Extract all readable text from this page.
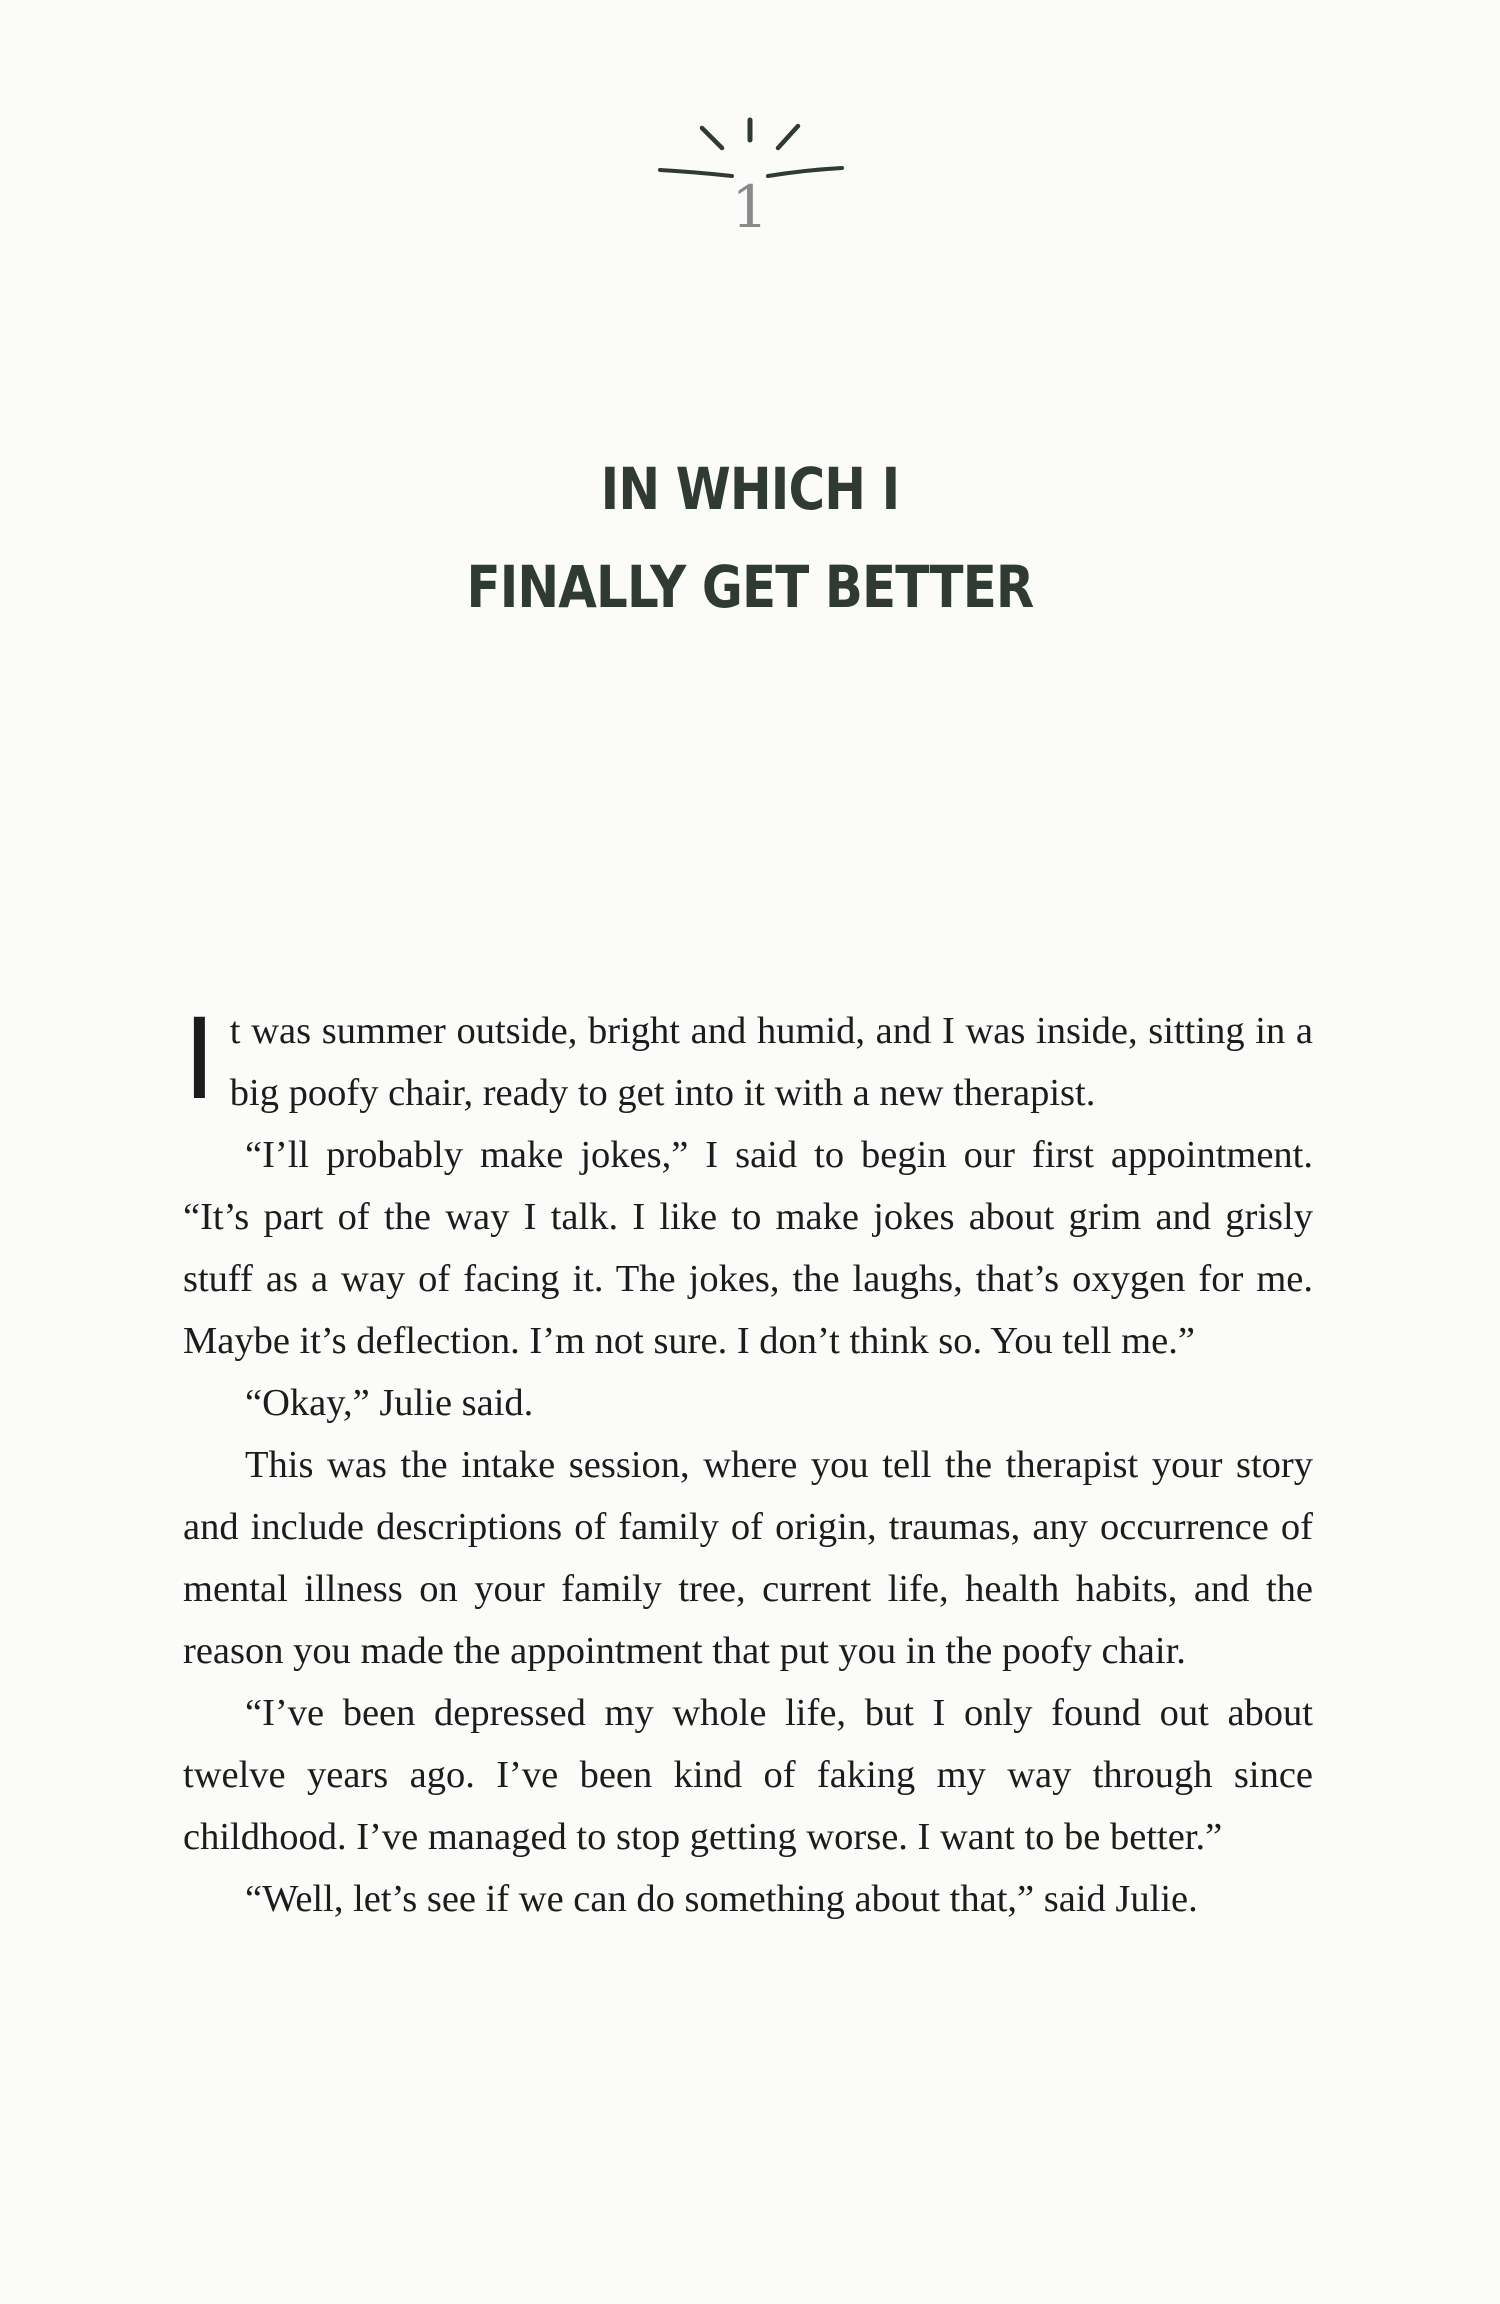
1
IN WHICH I
FINALLY GET BETTER

It was summer outside, bright and humid, and I was inside, sitting in a big poofy chair, ready to get into it with a new therapist.

“I’ll probably make jokes,” I said to begin our first appointment. “It’s part of the way I talk. I like to make jokes about grim and grisly stuff as a way of facing it. The jokes, the laughs, that’s oxygen for me. Maybe it’s deflection. I’m not sure. I don’t think so. You tell me.”

“Okay,” Julie said.

This was the intake session, where you tell the therapist your story and include descriptions of family of origin, traumas, any occurrence of mental illness on your family tree, current life, health habits, and the reason you made the appointment that put you in the poofy chair.

“I’ve been depressed my whole life, but I only found out about twelve years ago. I’ve been kind of faking my way through since childhood. I’ve managed to stop getting worse. I want to be better.”

“Well, let’s see if we can do something about that,” said Julie.
